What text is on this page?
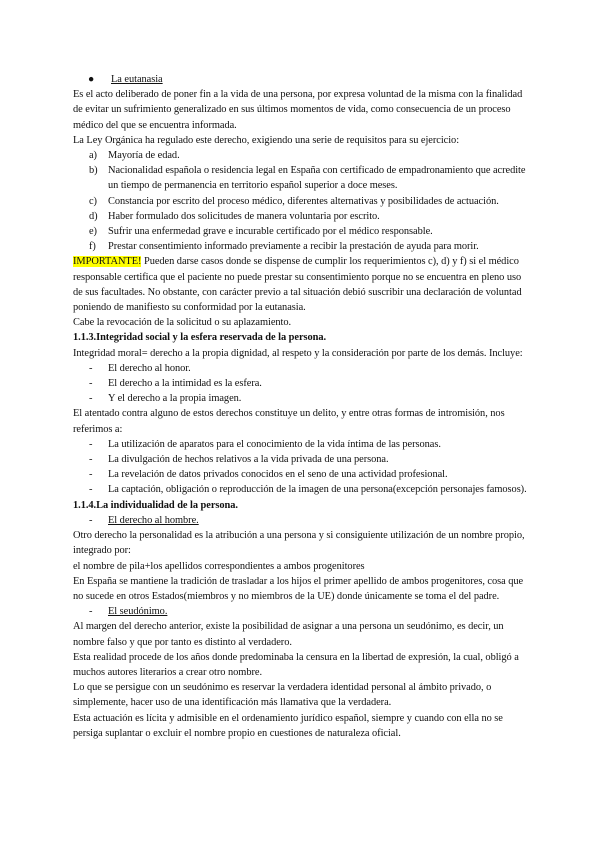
●	La eutanasia

Es el acto deliberado de poner fin a la vida de una persona, por expresa voluntad de la misma con la finalidad de evitar un sufrimiento generalizado en sus últimos momentos de vida, como consecuencia de un proceso médico del que se encuentra informada.

La Ley Orgánica ha regulado este derecho, exigiendo una serie de requisitos para su ejercicio:

a)	Mayoría de edad.
b)	Nacionalidad española o residencia legal en España con certificado de empadronamiento que acredite un tiempo de permanencia en territorio español superior a doce meses.
c)	Constancia por escrito del proceso médico, diferentes alternativas y posibilidades de actuación.
d)	Haber formulado dos solicitudes de manera voluntaria por escrito.
e)	Sufrir una enfermedad grave e incurable certificado por el médico responsable.
f)	Prestar consentimiento informado previamente a recibir la prestación de ayuda para morir.

IMPORTANTE! Pueden darse casos donde se dispense de cumplir los requerimientos c), d) y f) si el médico responsable certifica que el paciente no puede prestar su consentimiento porque no se encuentra en pleno uso de sus facultades. No obstante, con carácter previo a tal situación debió suscribir una declaración de voluntad poniendo de manifiesto su conformidad por la eutanasia.

Cabe la revocación de la solicitud o su aplazamiento.

1.1.3.Integridad social y la esfera reservada de la persona.

Integridad moral= derecho a la propia dignidad, al respeto y la consideración por parte de los demás. Incluye:

-	El derecho al honor.
-	El derecho a la intimidad es la esfera.
-	Y el derecho a la propia imagen.

El atentado contra alguno de estos derechos constituye un delito, y entre otras formas de intromisión, nos referimos a:

-	La utilización de aparatos para el conocimiento de la vida íntima de las personas.
-	La divulgación de hechos relativos a la vida privada de una persona.
-	La revelación de datos privados conocidos en el seno de una actividad profesional.
-	La captación, obligación o reproducción de la imagen de una persona(excepción personajes famosos).
1.1.4.La individualidad de la persona.
-	El derecho al hombre.

Otro derecho la personalidad es la atribución a una persona y si consiguiente utilización de un nombre propio, integrado por:

el nombre de pila+los apellidos correspondientes a ambos progenitores

En España se mantiene la tradición de trasladar a los hijos el primer apellido de ambos progenitores, cosa que no sucede en otros Estados(miembros y no miembros de la UE) donde únicamente se toma el del padre.

-	El seudónimo.

Al margen del derecho anterior, existe la posibilidad de asignar a una persona un seudónimo, es decir, un nombre falso y que por tanto es distinto al verdadero.

Esta realidad procede de los años donde predominaba la censura en la libertad de expresión, la cual, obligó a muchos autores literarios a crear otro nombre.

Lo que se persigue con un seudónimo es reservar la verdadera identidad personal al ámbito privado, o simplemente, hacer uso de una identificación más llamativa que la verdadera.

Esta actuación es lícita y admisible en el ordenamiento jurídico español, siempre y cuando con ella no se persiga suplantar o excluir el nombre propio en cuestiones de naturaleza oficial.
